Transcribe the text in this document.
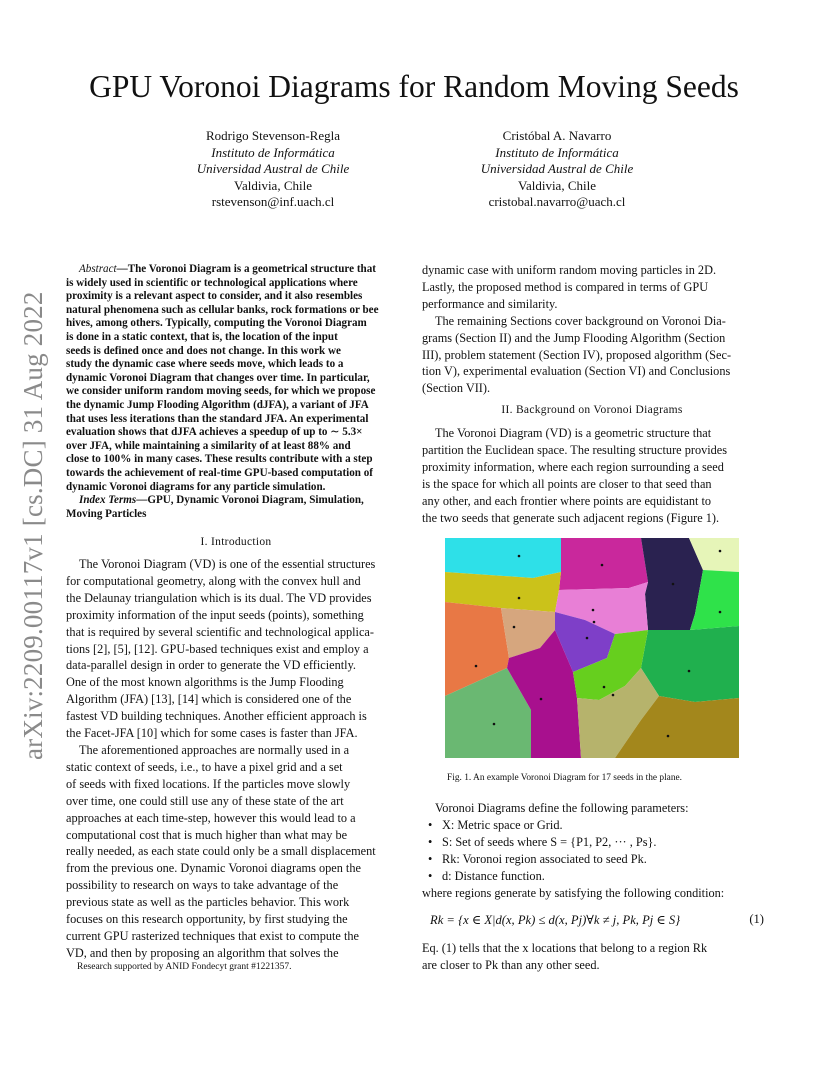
GPU Voronoi Diagrams for Random Moving Seeds
Rodrigo Stevenson-Regla
Instituto de Informática
Universidad Austral de Chile
Valdivia, Chile
rstevenson@inf.uach.cl
Cristóbal A. Navarro
Instituto de Informática
Universidad Austral de Chile
Valdivia, Chile
cristobal.navarro@uach.cl
arXiv:2209.00117v1 [cs.DC] 31 Aug 2022
Abstract—The Voronoi Diagram is a geometrical structure that
is widely used in scientific or technological applications where
proximity is a relevant aspect to consider, and it also resembles
natural phenomena such as cellular banks, rock formations or bee
hives, among others. Typically, computing the Voronoi Diagram
is done in a static context, that is, the location of the input
seeds is defined once and does not change. In this work we
study the dynamic case where seeds move, which leads to a
dynamic Voronoi Diagram that changes over time. In particular,
we consider uniform random moving seeds, for which we propose
the dynamic Jump Flooding Algorithm (dJFA), a variant of JFA
that uses less iterations than the standard JFA. An experimental
evaluation shows that dJFA achieves a speedup of up to ∼ 5.3×
over JFA, while maintaining a similarity of at least 88% and
close to 100% in many cases. These results contribute with a step
towards the achievement of real-time GPU-based computation of
dynamic Voronoi diagrams for any particle simulation.
Index Terms—GPU, Dynamic Voronoi Diagram, Simulation,
Moving Particles
I. Introduction
The Voronoi Diagram (VD) is one of the essential structures
for computational geometry, along with the convex hull and
the Delaunay triangulation which is its dual. The VD provides
proximity information of the input seeds (points), something
that is required by several scientific and technological applica-
tions [2], [5], [12]. GPU-based techniques exist and employ a
data-parallel design in order to generate the VD efficiently.
One of the most known algorithms is the Jump Flooding
Algorithm (JFA) [13], [14] which is considered one of the
fastest VD building techniques. Another efficient approach is
the Facet-JFA [10] which for some cases is faster than JFA.
The aforementioned approaches are normally used in a
static context of seeds, i.e., to have a pixel grid and a set
of seeds with fixed locations. If the particles move slowly
over time, one could still use any of these state of the art
approaches at each time-step, however this would lead to a
computational cost that is much higher than what may be
really needed, as each state could only be a small displacement
from the previous one. Dynamic Voronoi diagrams open the
possibility to research on ways to take advantage of the
previous state as well as the particles behavior. This work
focuses on this research opportunity, by first studying the
current GPU rasterized techniques that exist to compute the
VD, and then by proposing an algorithm that solves the
Research supported by ANID Fondecyt grant #1221357.
dynamic case with uniform random moving particles in 2D.
Lastly, the proposed method is compared in terms of GPU
performance and similarity.
The remaining Sections cover background on Voronoi Dia-
grams (Section II) and the Jump Flooding Algorithm (Section
III), problem statement (Section IV), proposed algorithm (Sec-
tion V), experimental evaluation (Section VI) and Conclusions
(Section VII).
II. Background on Voronoi Diagrams
The Voronoi Diagram (VD) is a geometric structure that
partition the Euclidean space. The resulting structure provides
proximity information, where each region surrounding a seed
is the space for which all points are closer to that seed than
any other, and each frontier where points are equidistant to
the two seeds that generate such adjacent regions (Figure 1).
Fig. 1. An example Voronoi Diagram for 17 seeds in the plane.
Voronoi Diagrams define the following parameters:
• X: Metric space or Grid.
• S: Set of seeds where S = {P1, P2, ··· , Ps}.
• Rk: Voronoi region associated to seed Pk.
• d: Distance function.
where regions generate by satisfying the following condition:
Rk = {x ∈ X|d(x, Pk) ≤ d(x, Pj)∀k ≠ j, Pk, Pj ∈ S}	(1)
Eq. (1) tells that the x locations that belong to a region Rk
are closer to Pk than any other seed.
